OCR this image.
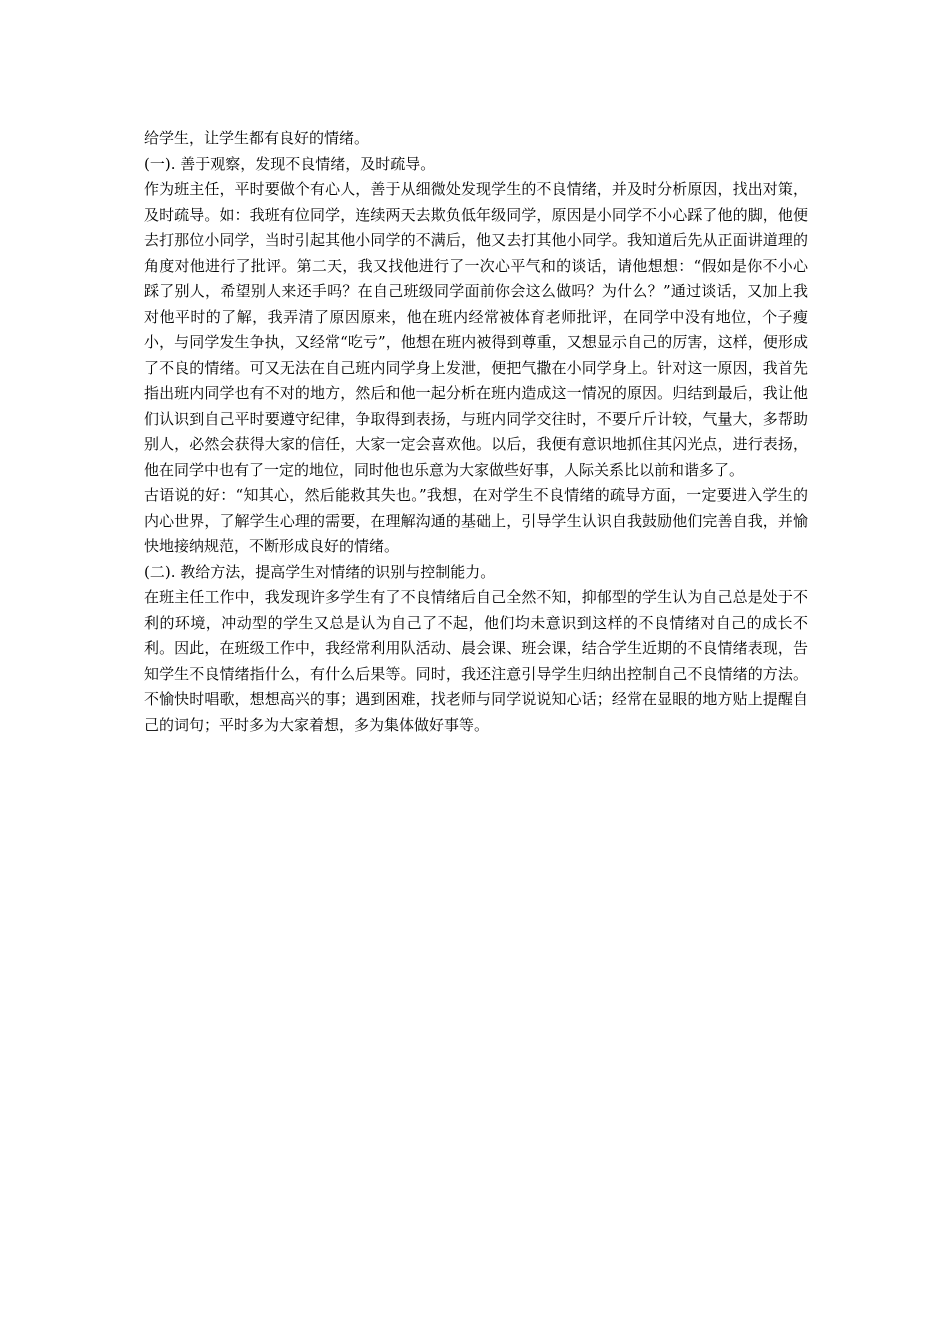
给学生，让学生都有良好的情绪。

(一). 善于观察，发现不良情绪，及时疏导。

作为班主任，平时要做个有心人，善于从细微处发现学生的不良情绪，并及时分析原因，找出对策，及时疏导。如：我班有位同学，连续两天去欺负低年级同学，原因是小同学不小心踩了他的脚，他便去打那位小同学，当时引起其他小同学的不满后，他又去打其他小同学。我知道后先从正面讲道理的角度对他进行了批评。第二天，我又找他进行了一次心平气和的谈话，请他想想：“假如是你不小心踩了别人，希望别人来还手吗？在自己班级同学面前你会这么做吗？为什么？”通过谈话，又加上我对他平时的了解，我弄清了原因原来，他在班内经常被体育老师批评，在同学中没有地位，个子瘦小，与同学发生争执，又经常“吃亏”，他想在班内被得到尊重，又想显示自己的厉害，这样，便形成了不良的情绪。可又无法在自己班内同学身上发泄，便把气撒在小同学身上。针对这一原因，我首先指出班内同学也有不对的地方，然后和他一起分析在班内造成这一情况的原因。归结到最后，我让他们认识到自己平时要遵守纪律，争取得到表扬，与班内同学交往时，不要斤斤计较，气量大，多帮助别人，必然会获得大家的信任，大家一定会喜欢他。以后，我便有意识地抓住其闪光点，进行表扬，他在同学中也有了一定的地位，同时他也乐意为大家做些好事，人际关系比以前和谐多了。

古语说的好：“知其心，然后能救其失也。”我想，在对学生不良情绪的疏导方面，一定要进入学生的内心世界，了解学生心理的需要，在理解沟通的基础上，引导学生认识自我鼓励他们完善自我，并愉快地接纳规范，不断形成良好的情绪。

(二). 教给方法，提高学生对情绪的识别与控制能力。

在班主任工作中，我发现许多学生有了不良情绪后自己全然不知，抑郁型的学生认为自己总是处于不利的环境，冲动型的学生又总是认为自己了不起，他们均未意识到这样的不良情绪对自己的成长不利。因此，在班级工作中，我经常利用队活动、晨会课、班会课，结合学生近期的不良情绪表现，告知学生不良情绪指什么，有什么后果等。同时，我还注意引导学生归纳出控制自己不良情绪的方法。不愉快时唱歌，想想高兴的事；遇到困难，找老师与同学说说知心话；经常在显眼的地方贴上提醒自己的词句；平时多为大家着想，多为集体做好事等。
